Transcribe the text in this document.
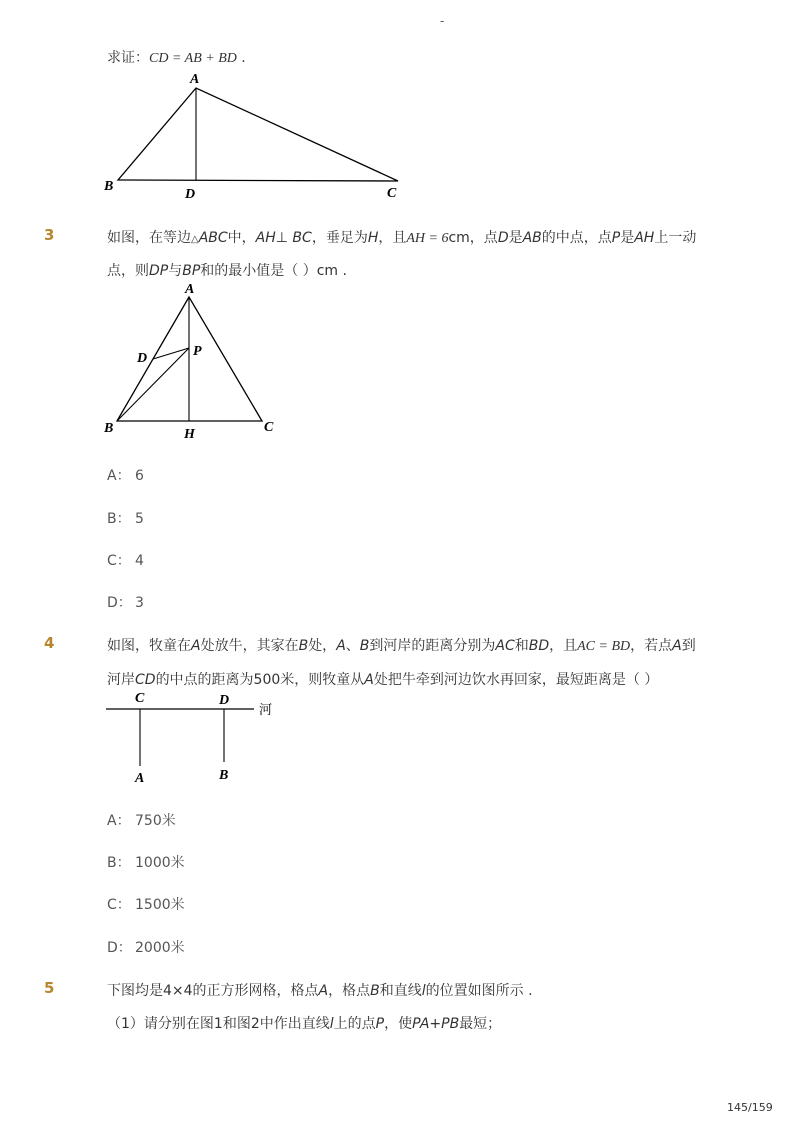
-
求证：CD = AB + BD .
A
B
D	C
3	如图，在等边△ABC中，AH⊥ BC，垂足为H，且AH = 6cm，点D是AB的中点，点P是AH上一动
点，则DP与BP和的最小值是（ ）cm .
A
D	P
B	H	C
A： 6
B： 5
C： 4
D： 3
4	如图，牧童在A处放牛，其家在B处，A、B到河岸的距离分别为AC和BD，且AC = BD，若点A到
河岸CD的中点的距离为500米，则牧童从A处把牛牵到河边饮水再回家，最短距离是（ ）
C	D
河
A	B
A： 750米
B： 1000米
C： 1500米
D： 2000米
5	下图均是4×4的正方形网格，格点A，格点B和直线l的位置如图所示 .
（1）请分别在图1和图2中作出直线l上的点P，使PA+PB最短；
145/159
